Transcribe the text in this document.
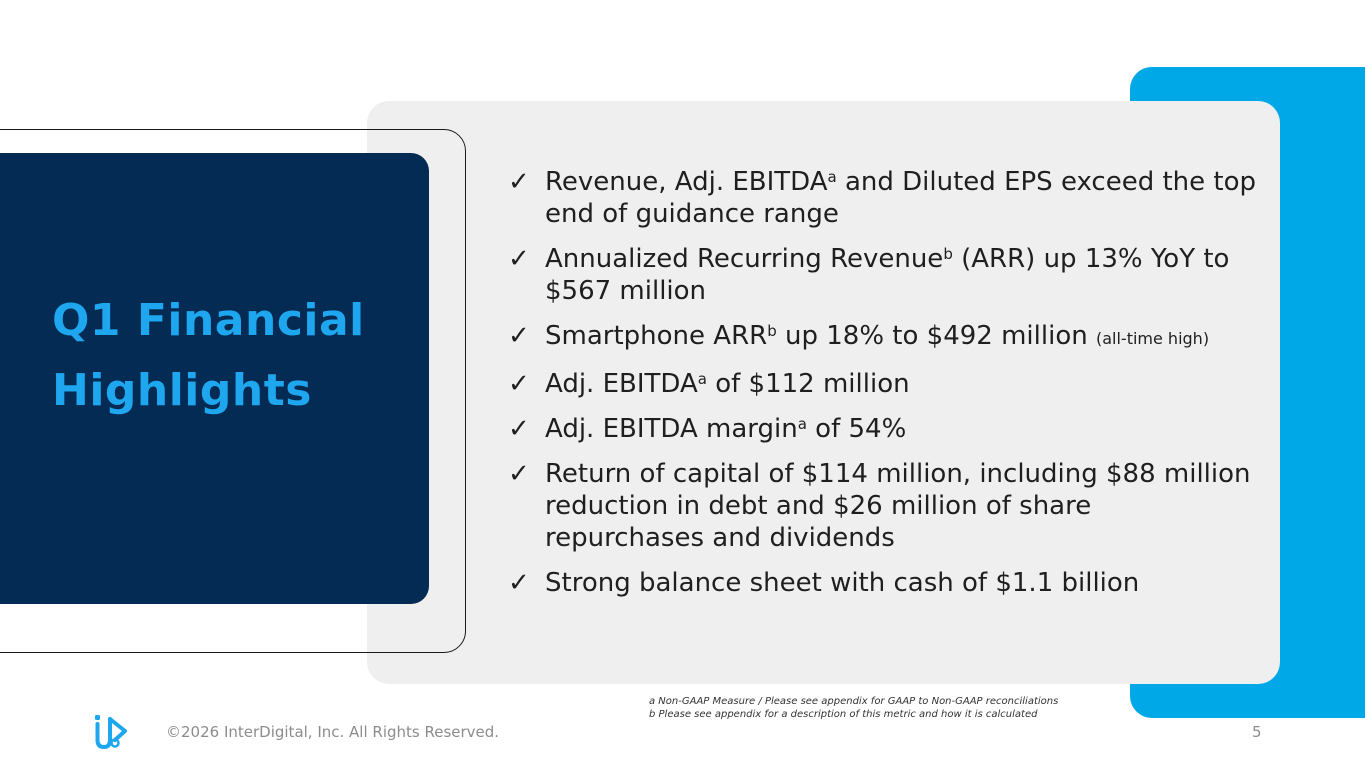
Q1 Financial
Highlights
✓ Revenue, Adj. EBITDA$^a$ and Diluted EPS exceed the top end of guidance range
✓ Annualized Recurring Revenue$^b$ (ARR) up 13% YoY to $567 million
✓ Smartphone ARR$^b$ up 18% to $492 million (all-time high)
✓ Adj. EBITDA$^a$ of $112 million
✓ Adj. EBITDA margin$^a$ of 54%
✓ Return of capital of $114 million, including $88 million reduction in debt and $26 million of share repurchases and dividends
✓ Strong balance sheet with cash of $1.1 billion
a Non-GAAP Measure / Please see appendix for GAAP to Non-GAAP reconciliations
b Please see appendix for a description of this metric and how it is calculated
©2026 InterDigital, Inc. All Rights Reserved.	5
